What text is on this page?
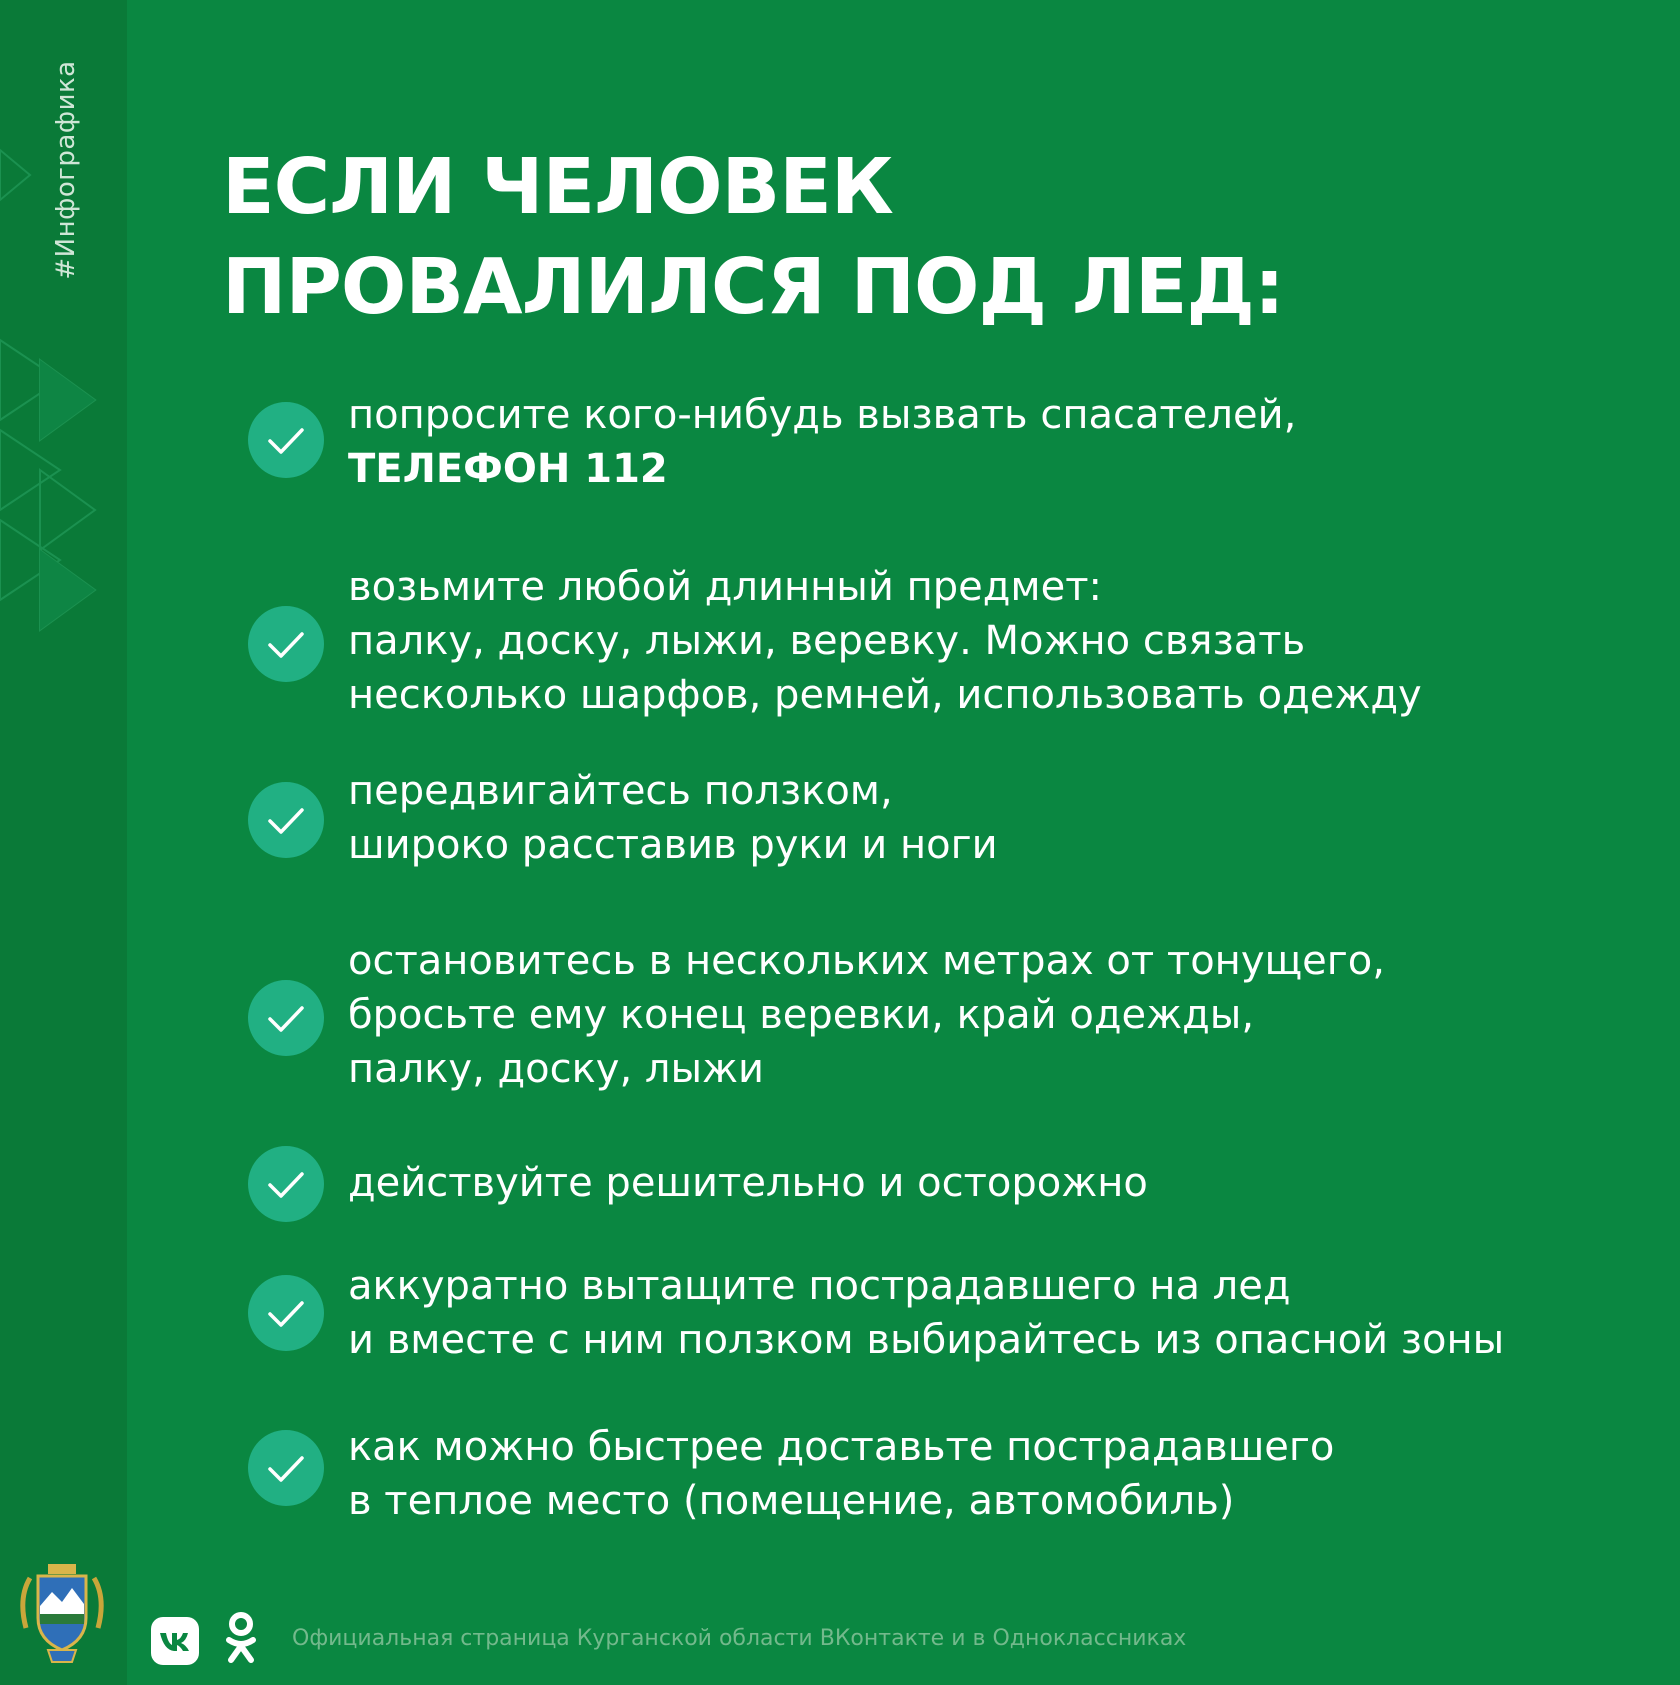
#Инфографика ЕСЛИ ЧЕЛОВЕК
ПРОВАЛИЛСЯ ПОД ЛЕД:
попросите кого-нибудь вызвать спасателей,
ТЕЛЕФОН 112
возьмите любой длинный предмет:
палку, доску, лыжи, веревку. Можно связать
несколько шарфов, ремней, использовать одежду
передвигайтесь ползком,
широко расставив руки и ноги
остановитесь в нескольких метрах от тонущего,
бросьте ему конец веревки, край одежды,
палку, доску, лыжи
действуйте решительно и осторожно
аккуратно вытащите пострадавшего на лед
и вместе с ним ползком выбирайтесь из опасной зоны
как можно быстрее доставьте пострадавшего
в теплое место (помещение, автомобиль)
Официальная страница Курганской области ВКонтакте и в Одноклассниках
